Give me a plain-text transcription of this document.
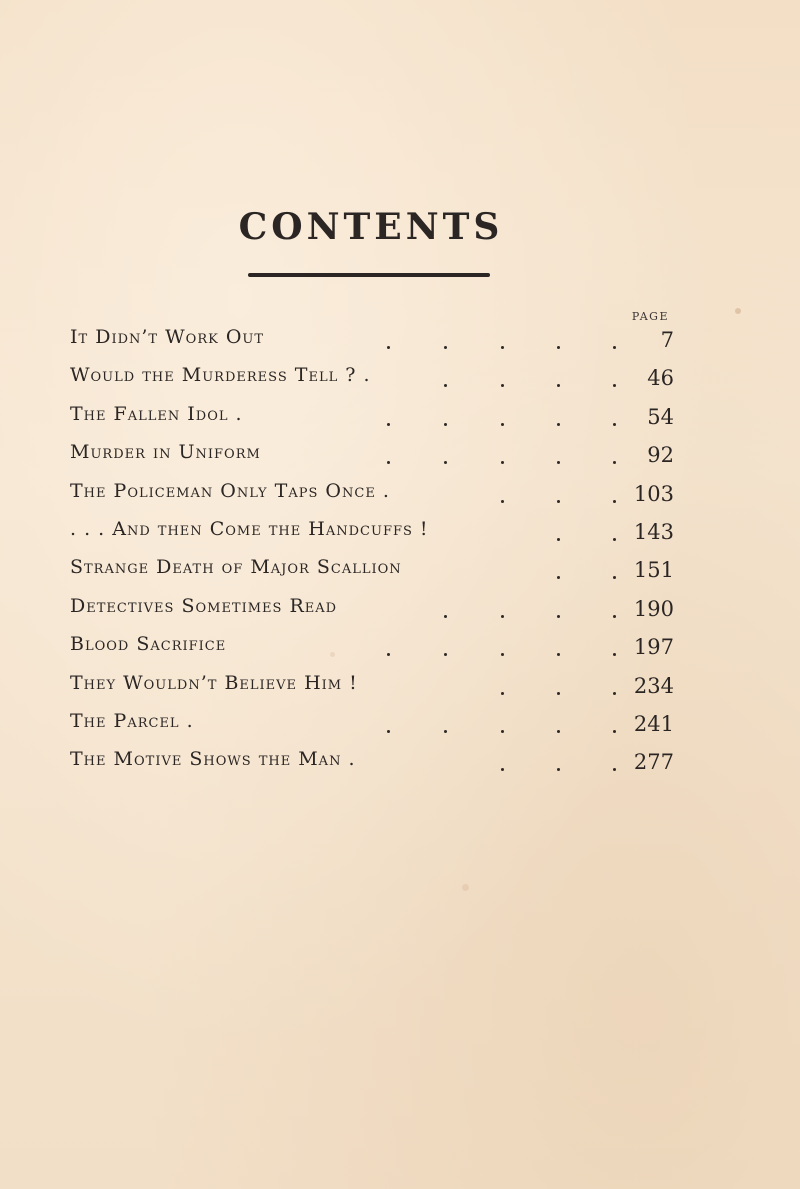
CONTENTS
PAGE
It Didn’t Work Out	7
Would the Murderess Tell ? .	46
The Fallen Idol .	54
Murder in Uniform	92
The Policeman Only Taps Once .	103
. . . And then Come the Handcuffs !	143
Strange Death of Major Scallion	151
Detectives Sometimes Read	190
Blood Sacrifice	197
They Wouldn’t Believe Him !	234
The Parcel .	241
The Motive Shows the Man .	277
